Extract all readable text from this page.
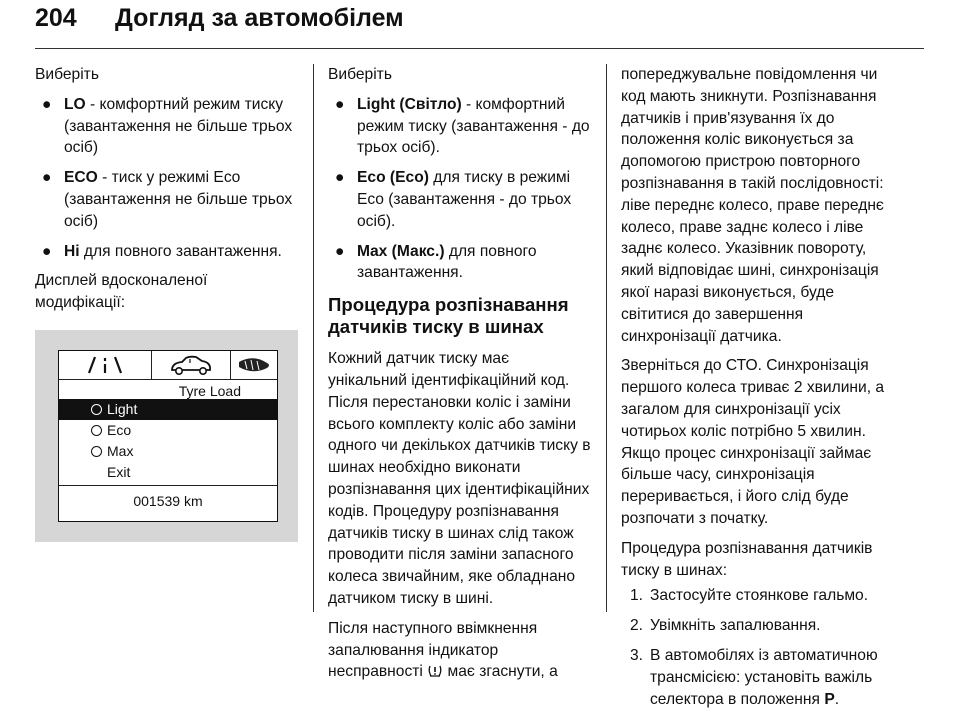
204 Догляд за автомобілем

Виберіть

● LO - комфортний режим тиску (завантаження не більше трьох осіб)
● ECO - тиск у режимі Eco (завантаження не більше трьох осіб)
● Hi для повного завантаження.

Дисплей вдосконаленої модифікації:

Tyre Load
Light
Eco
Max
Exit
001539 km

Виберіть

● Light (Світло) - комфортний режим тиску (завантаження - до трьох осіб).
● Eco (Еco) для тиску в режимі Eco (завантаження - до трьох осіб).
● Max (Макс.) для повного завантаження.
Процедура розпізнавання датчиків тиску в шинах

Кожний датчик тиску має унікальний ідентифікаційний код. Після перестановки коліс і заміни всього комплекту коліс або заміни одного чи декількох датчиків тиску в шинах необхідно виконати розпізнавання цих ідентифікаційних кодів. Процедуру розпізнавання датчиків тиску в шинах слід також проводити після заміни запасного колеса звичайним, яке обладнано датчиком тиску в шині.

Після наступного ввімкнення запалювання індикатор несправності  має згаснути, а

попереджувальне повідомлення чи код мають зникнути. Розпізнавання датчиків і прив'язування їх до положення коліс виконується за допомогою пристрою повторного розпізнавання в такій послідовності: ліве переднє колесо, праве переднє колесо, праве заднє колесо і ліве заднє колесо. Указівник повороту, який відповідає шині, синхронізація якої наразі виконується, буде світитися до завершення синхронізації датчика.

Зверніться до СТО. Синхронізація першого колеса триває 2 хвилини, а загалом для синхронізації усіх чотирьох коліс потрібно 5 хвилин. Якщо процес синхронізації займає більше часу, синхронізація переривається, і його слід буде розпочати з початку.

Процедура розпізнавання датчиків тиску в шинах:

1. Застосуйте стоянкове гальмо.
2. Увімкніть запалювання.
3. В автомобілях із автоматичною трансмісією: установіть важіль селектора в положення P.
